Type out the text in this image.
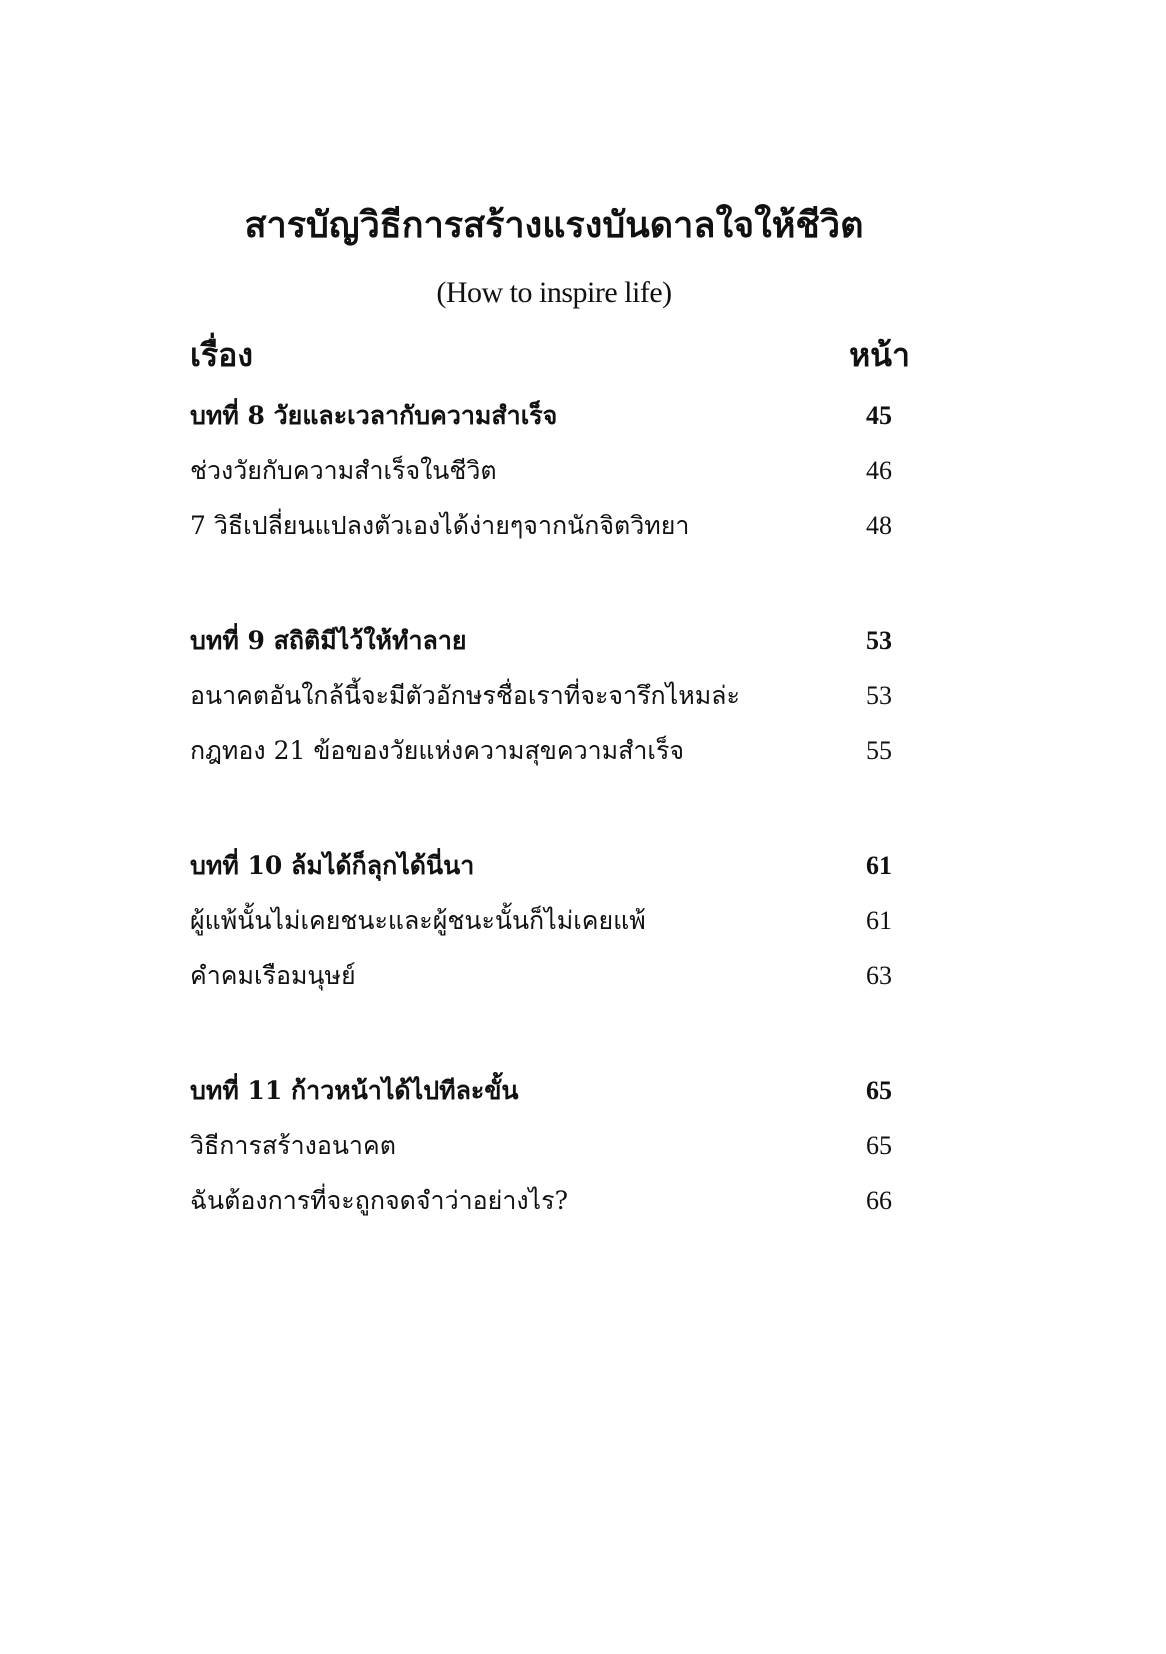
สารบัญวิธีการสร้างแรงบันดาลใจให้ชีวิต
(How to inspire life)
เรื่อง	หน้า
บทที่ 8 วัยและเวลากับความสำเร็จ	45
ช่วงวัยกับความสำเร็จในชีวิต	46
7 วิธีเปลี่ยนแปลงตัวเองได้ง่ายๆจากนักจิตวิทยา	48
บทที่ 9 สถิติมีไว้ให้ทำลาย	53
อนาคตอันใกล้นี้จะมีตัวอักษรชื่อเราที่จะจารึกไหมล่ะ	53
กฎทอง 21 ข้อของวัยแห่งความสุขความสำเร็จ	55
บทที่ 10 ล้มได้ก็ลุกได้นี่นา	61
ผู้แพ้นั้นไม่เคยชนะและผู้ชนะนั้นก็ไม่เคยแพ้	61
คำคมเรือมนุษย์	63
บทที่ 11 ก้าวหน้าได้ไปทีละขั้น	65
วิธีการสร้างอนาคต	65
ฉันต้องการที่จะถูกจดจำว่าอย่างไร?	66
